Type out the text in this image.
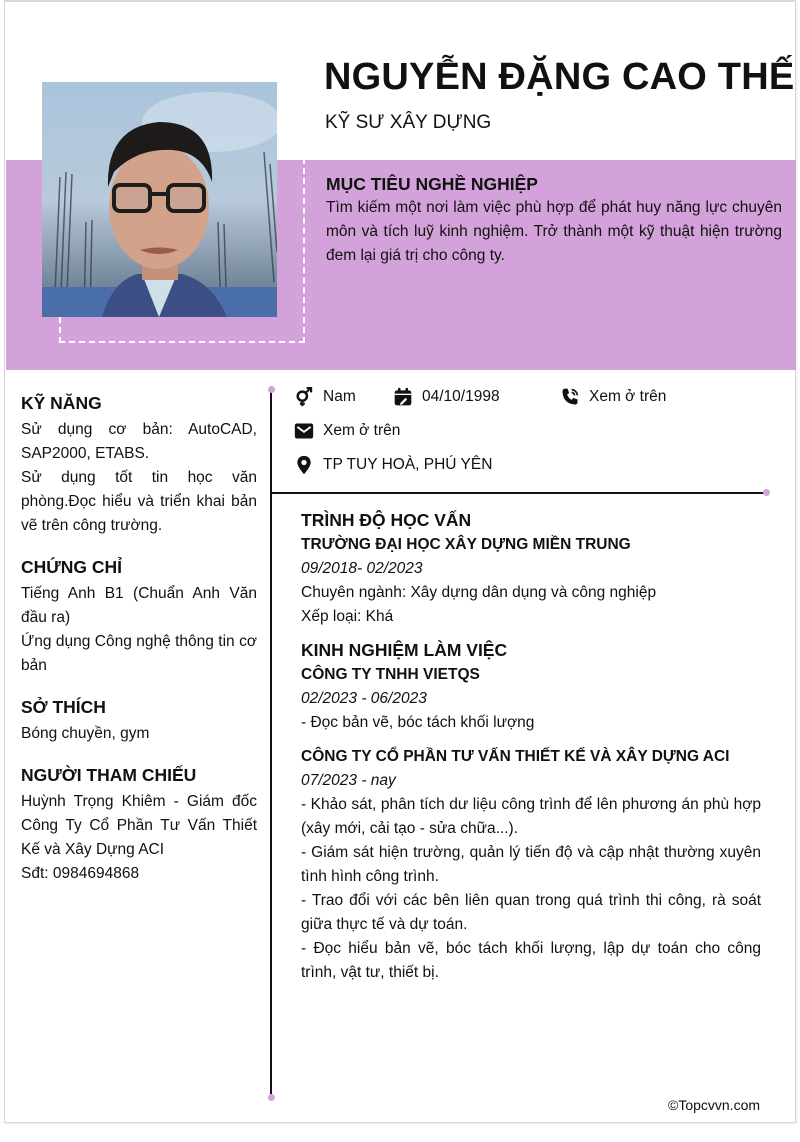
NGUYỄN ĐẶNG CAO THẾ
KỸ SƯ XÂY DỰNG
MỤC TIÊU NGHỀ NGHIỆP

Tìm kiếm một nơi làm việc phù hợp để phát huy năng lực chuyên môn và tích luỹ kinh nghiệm. Trở thành một kỹ thuật hiện trường đem lại giá trị cho công ty.

KỸ NĂNG

Sử dụng cơ bản: AutoCAD, SAP2000, ETABS.

Sử dụng tốt tin học văn phòng.Đọc hiểu và triển khai bản vẽ trên công trường.

CHỨNG CHỈ

Tiếng Anh B1 (Chuẩn Anh Văn đầu ra)

Ứng dụng Công nghệ thông tin cơ bản

SỞ THÍCH

Bóng chuyền, gym

NGƯỜI THAM CHIẾU

Huỳnh Trọng Khiêm - Giám đốc Công Ty Cổ Phần Tư Vấn Thiết Kế và Xây Dựng ACI

Sđt: 0984694868

Nam	04/10/1998	Xem ở trên
Xem ở trên
TP TUY HOÀ, PHÚ YÊN
TRÌNH ĐỘ HỌC VẤN
TRƯỜNG ĐẠI HỌC XÂY DỰNG MIỀN TRUNG
09/2018- 02/2023
Chuyên ngành: Xây dựng dân dụng và công nghiệp
Xếp loại: Khá
KINH NGHIỆM LÀM VIỆC
CÔNG TY TNHH VIETQS
02/2023 - 06/2023
- Đọc bản vẽ, bóc tách khối lượng
CÔNG TY CỔ PHẦN TƯ VẤN THIẾT KẾ VÀ XÂY DỰNG ACI
07/2023 - nay
- Khảo sát, phân tích dư liệu công trình để lên phương án phù hợp (xây mới, cải tạo - sửa chữa...).
- Giám sát hiện trường, quản lý tiến độ và cập nhật thường xuyên tình hình công trình.
- Trao đổi với các bên liên quan trong quá trình thi công, rà soát giữa thực tế và dự toán.
- Đọc hiểu bản vẽ, bóc tách khối lượng, lập dự toán cho công trình, vật tư, thiết bị.
©Topcvvn.com
